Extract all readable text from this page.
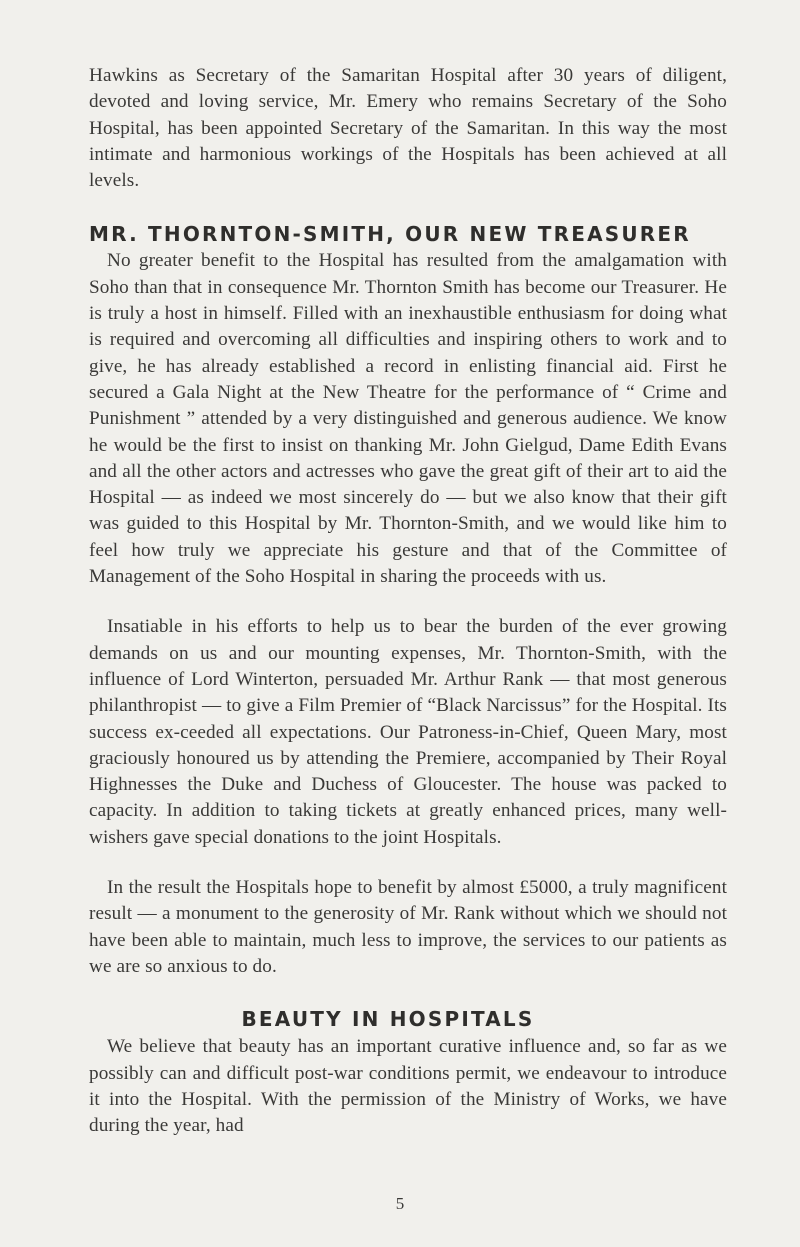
Hawkins as Secretary of the Samaritan Hospital after 30 years of diligent, devoted and loving service, Mr. Emery who remains Secretary of the Soho Hospital, has been appointed Secretary of the Samaritan. In this way the most intimate and harmonious workings of the Hospitals has been achieved at all levels.

MR. THORNTON-SMITH, OUR NEW TREASURER

No greater benefit to the Hospital has resulted from the amalgamation with Soho than that in consequence Mr. Thornton Smith has become our Treasurer. He is truly a host in himself. Filled with an inexhaustible enthusiasm for doing what is required and overcoming all difficulties and inspiring others to work and to give, he has already established a record in enlisting financial aid. First he secured a Gala Night at the New Theatre for the performance of “ Crime and Punishment ” attended by a very distinguished and generous audience. We know he would be the first to insist on thanking Mr. John Gielgud, Dame Edith Evans and all the other actors and actresses who gave the great gift of their art to aid the Hospital — as indeed we most sincerely do — but we also know that their gift was guided to this Hospital by Mr. Thornton-Smith, and we would like him to feel how truly we appreciate his gesture and that of the Committee of Management of the Soho Hospital in sharing the proceeds with us.

Insatiable in his efforts to help us to bear the burden of the ever growing demands on us and our mounting expenses, Mr. Thornton-Smith, with the influence of Lord Winterton, persuaded Mr. Arthur Rank — that most generous philanthropist — to give a Film Premier of “Black Narcissus” for the Hospital. Its success ex-ceeded all expectations. Our Patroness-in-Chief, Queen Mary, most graciously honoured us by attending the Premiere, accompanied by Their Royal Highnesses the Duke and Duchess of Gloucester. The house was packed to capacity. In addition to taking tickets at greatly enhanced prices, many well-wishers gave special donations to the joint Hospitals.

In the result the Hospitals hope to benefit by almost £5000, a truly magnificent result — a monument to the generosity of Mr. Rank without which we should not have been able to maintain, much less to improve, the services to our patients as we are so anxious to do.

BEAUTY IN HOSPITALS

We believe that beauty has an important curative influence and, so far as we possibly can and difficult post-war conditions permit, we endeavour to introduce it into the Hospital. With the permission of the Ministry of Works, we have during the year, had

5
